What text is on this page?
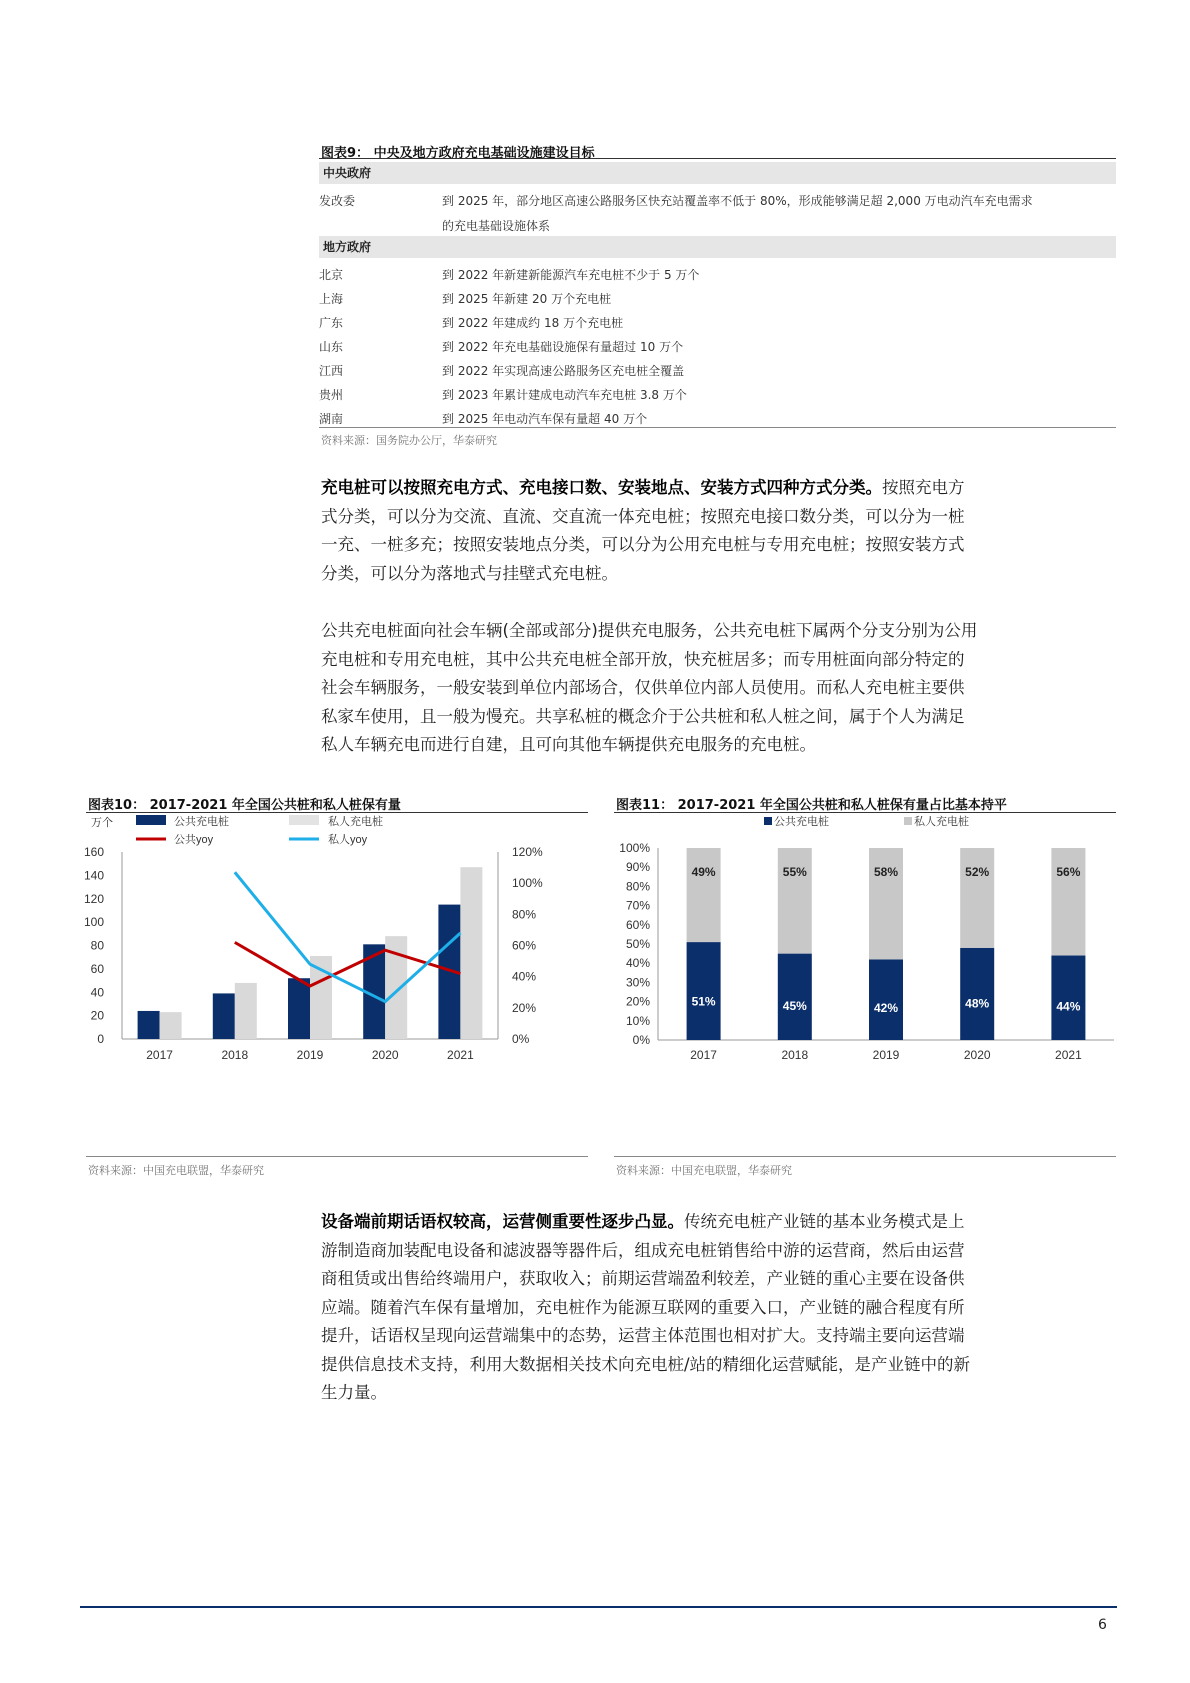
图表9： 中央及地方政府充电基础设施建设目标
中央政府
发改委	到 2025 年，部分地区高速公路服务区快充站覆盖率不低于 80%，形成能够满足超 2,000 万电动汽车充电需求
的充电基础设施体系
地方政府
北京	到 2022 年新建新能源汽车充电桩不少于 5 万个
上海	到 2025 年新建 20 万个充电桩
广东	到 2022 年建成约 18 万个充电桩
山东	到 2022 年充电基础设施保有量超过 10 万个
江西	到 2022 年实现高速公路服务区充电桩全覆盖
贵州	到 2023 年累计建成电动汽车充电桩 3.8 万个
湖南	到 2025 年电动汽车保有量超 40 万个
资料来源：国务院办公厅，华泰研究
充电桩可以按照充电方式、充电接口数、安装地点、安装方式四种方式分类。按照充电方
式分类，可以分为交流、直流、交直流一体充电桩；按照充电接口数分类，可以分为一桩
一充、一桩多充；按照安装地点分类，可以分为公用充电桩与专用充电桩；按照安装方式
分类，可以分为落地式与挂壁式充电桩。
公共充电桩面向社会车辆(全部或部分)提供充电服务，公共充电桩下属两个分支分别为公用
充电桩和专用充电桩，其中公共充电桩全部开放，快充桩居多；而专用桩面向部分特定的
社会车辆服务，一般安装到单位内部场合，仅供单位内部人员使用。而私人充电桩主要供
私家车使用，且一般为慢充。共享私桩的概念介于公共桩和私人桩之间，属于个人为满足
私人车辆充电而进行自建，且可向其他车辆提供充电服务的充电桩。
图表10： 2017-2021 年全国公共桩和私人桩保有量
万个
0
20
40
60
80
100
120
140
160
0%
20%
40%
60%
80%
100%
120%
2017	2018	2019	2020	2021
公共充电桩	私人充电桩
公共yoy	私人yoy
资料来源：中国充电联盟，华泰研究
图表11： 2017-2021 年全国公共桩和私人桩保有量占比基本持平
0%
10%
20%
30%
40%
50%
60%
70%
80%
90%
100%
2017
51%
49%
2018
45%
55%
2019
42%
58%
2020
48%
52%
2021
44%
56%
公共充电桩	私人充电桩
资料来源：中国充电联盟，华泰研究
设备端前期话语权较高，运营侧重要性逐步凸显。传统充电桩产业链的基本业务模式是上
游制造商加装配电设备和滤波器等器件后，组成充电桩销售给中游的运营商，然后由运营
商租赁或出售给终端用户，获取收入；前期运营端盈利较差，产业链的重心主要在设备供
应端。随着汽车保有量增加，充电桩作为能源互联网的重要入口，产业链的融合程度有所
提升，话语权呈现向运营端集中的态势，运营主体范围也相对扩大。支持端主要向运营端
提供信息技术支持，利用大数据相关技术向充电桩/站的精细化运营赋能，是产业链中的新
生力量。
6
